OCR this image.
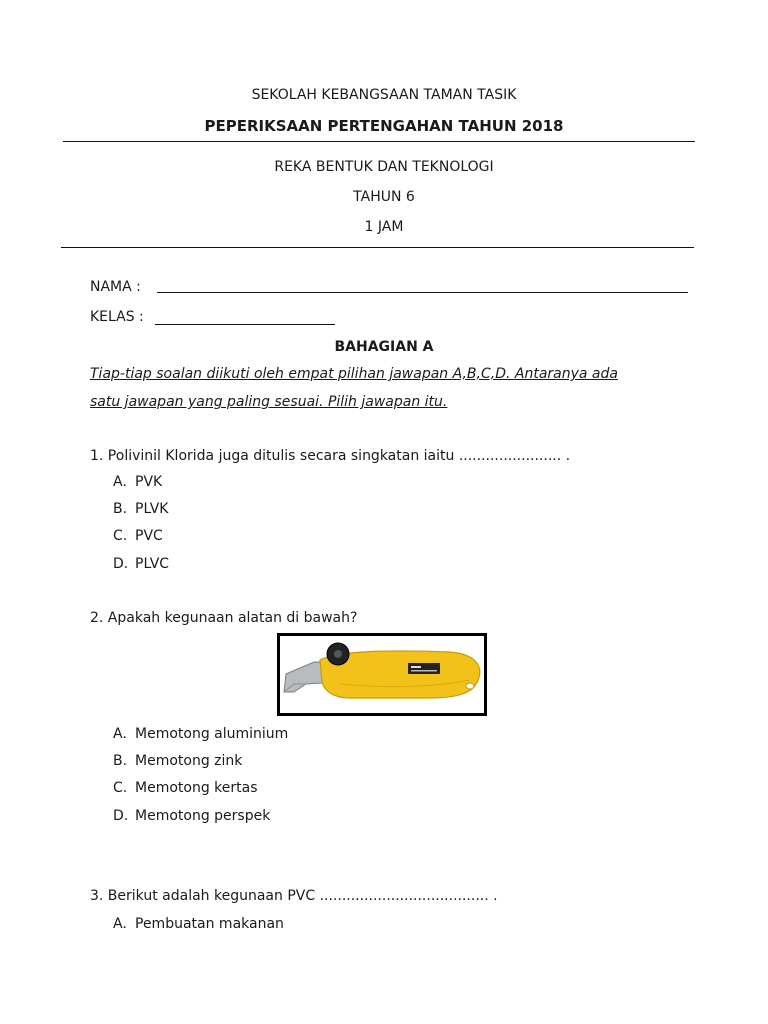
SEKOLAH KEBANGSAAN TAMAN TASIK
PEPERIKSAAN PERTENGAHAN TAHUN 2018
REKA BENTUK DAN TEKNOLOGI
TAHUN 6
1 JAM
NAMA :
KELAS :
BAHAGIAN A
Tiap-tiap soalan diikuti oleh empat pilihan jawapan A,B,C,D. Antaranya ada
satu jawapan yang paling sesuai. Pilih jawapan itu.
1. Polivinil Klorida juga ditulis secara singkatan iaitu ....................... .
A. PVK
B. PLVK
C. PVC
D. PLVC
2. Apakah kegunaan alatan di bawah?
A. Memotong aluminium
B. Memotong zink
C. Memotong kertas
D. Memotong perspek
3. Berikut adalah kegunaan PVC ...................................... .
A. Pembuatan makanan
